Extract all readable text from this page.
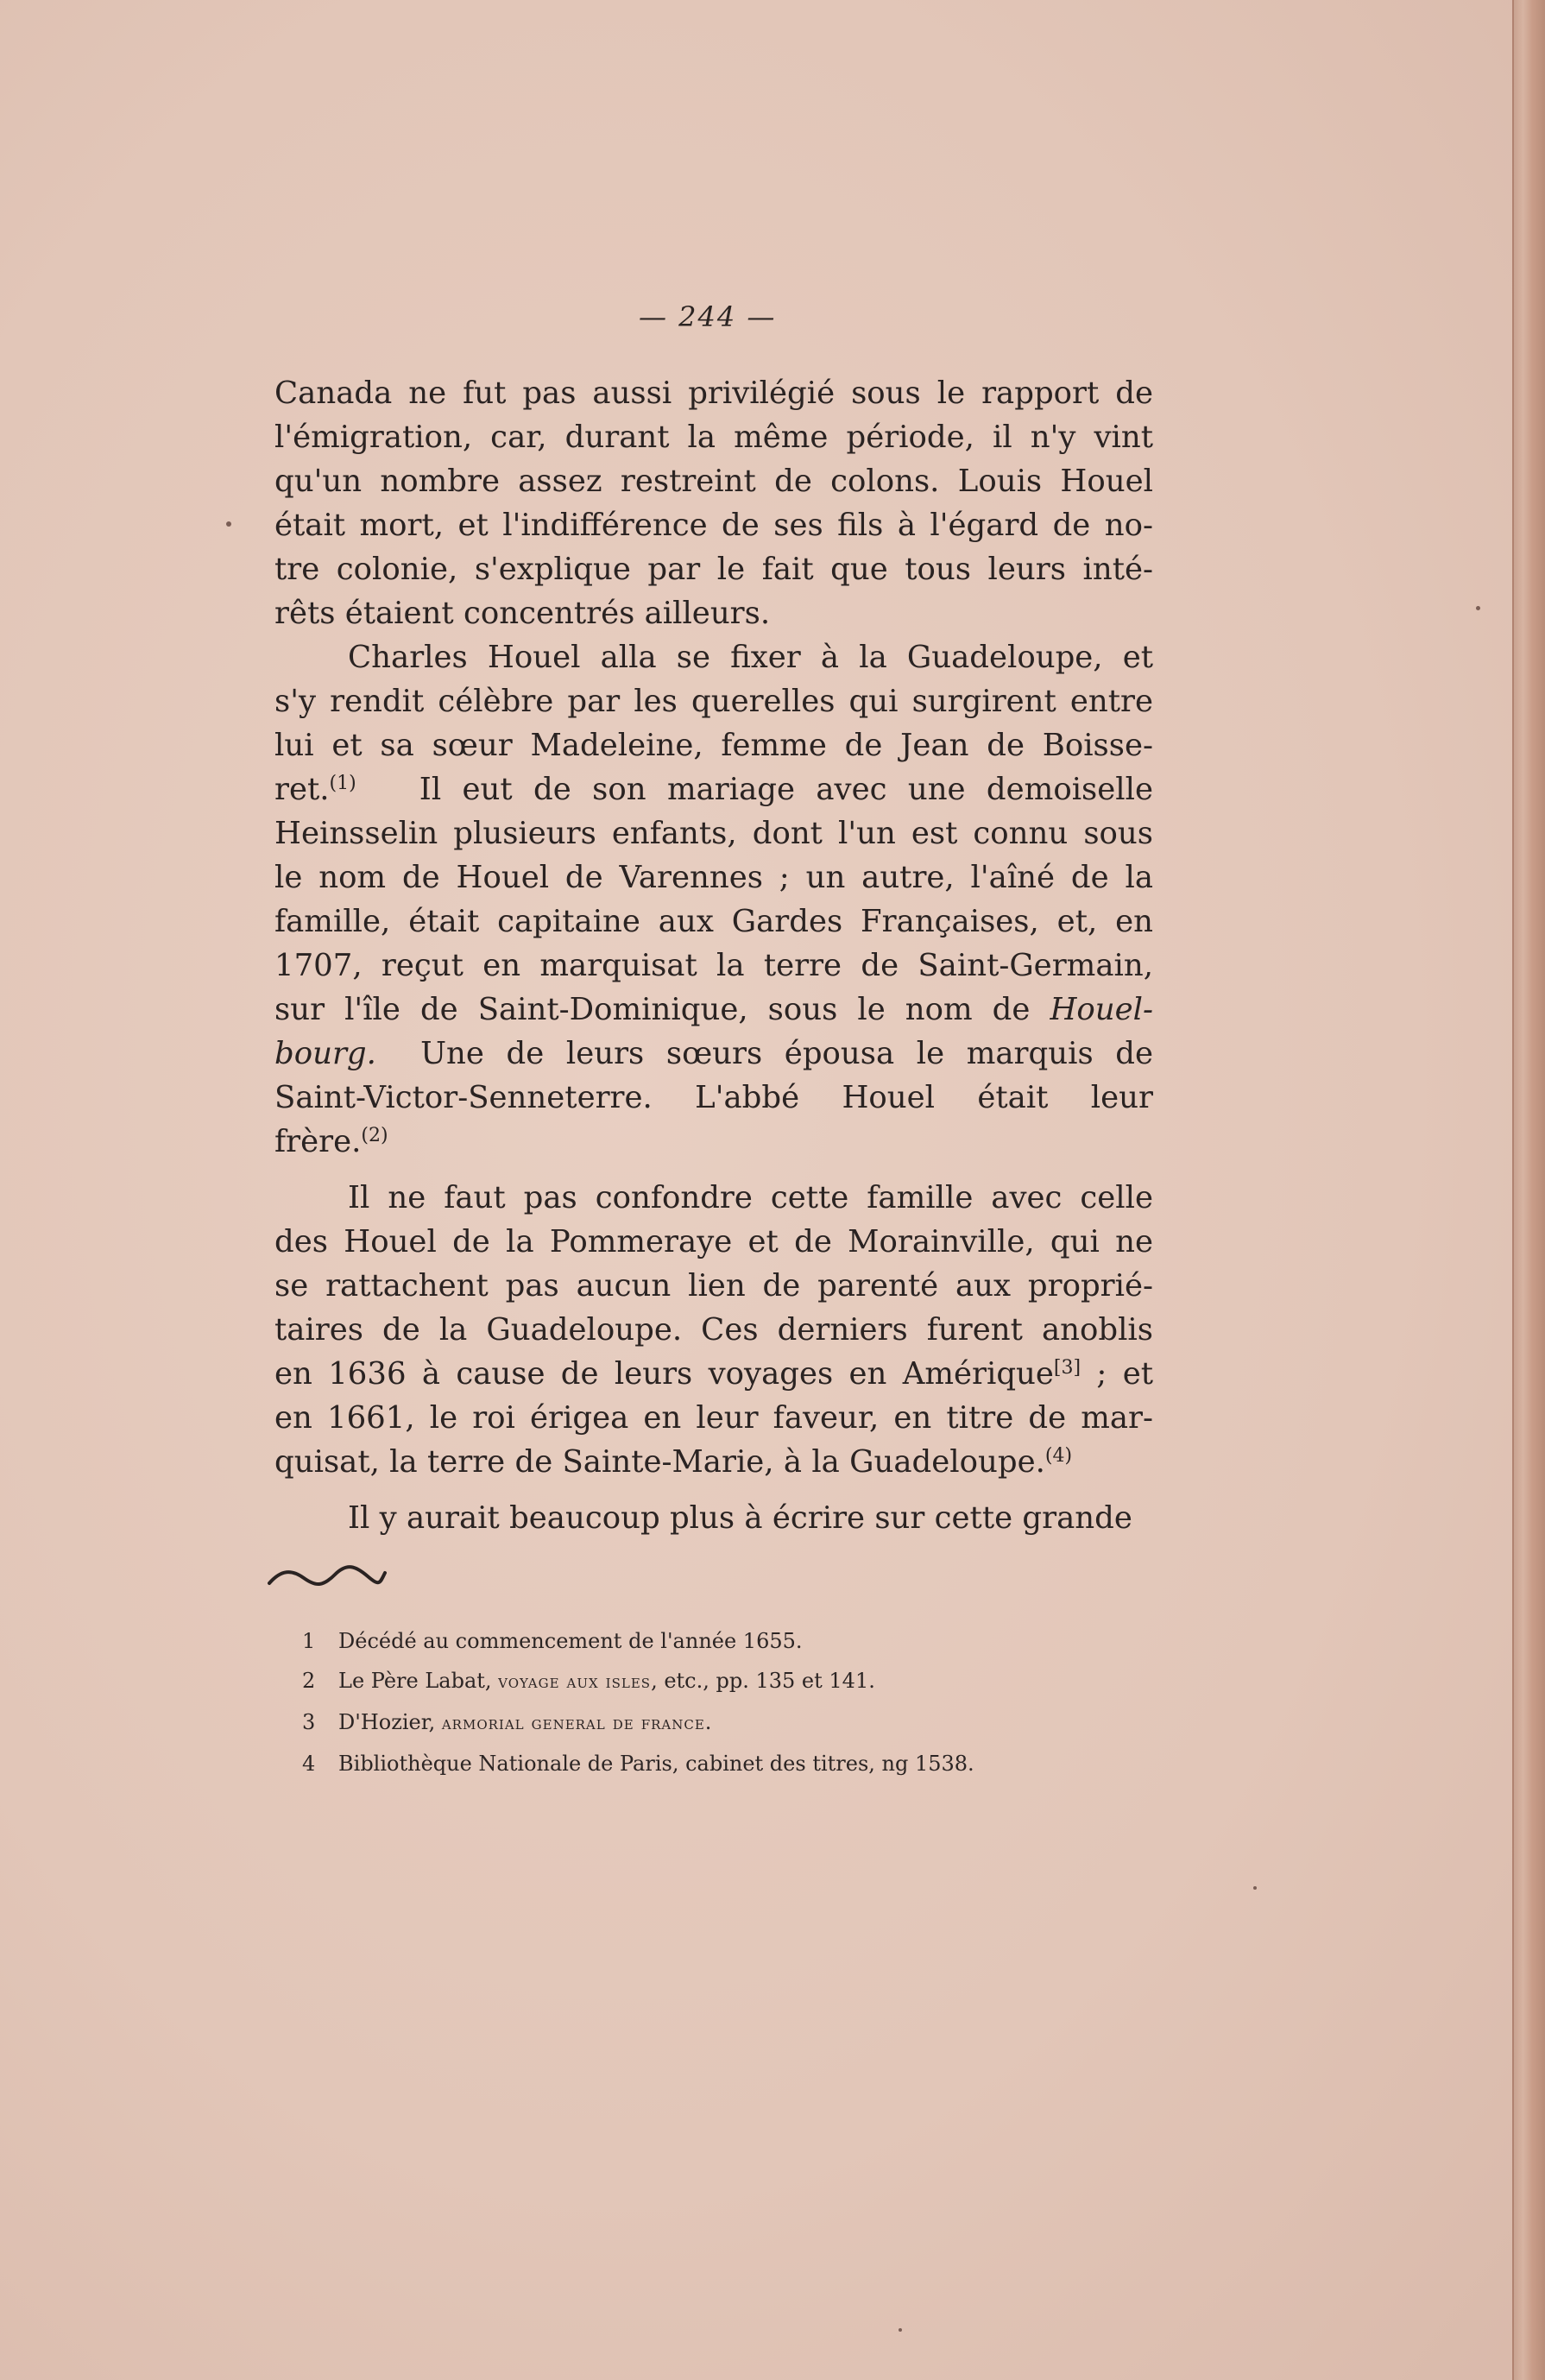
— 244 —
Canada ne fut pas aussi privilégié sous le rapport de
l'émigration, car, durant la même période, il n'y vint
qu'un nombre assez restreint de colons. Louis Houel
était mort, et l'indifférence de ses fils à l'égard de no-
tre colonie, s'explique par le fait que tous leurs inté-
rêts étaient concentrés ailleurs.
Charles Houel alla se fixer à la Guadeloupe, et
s'y rendit célèbre par les querelles qui surgirent entre
lui et sa sœur Madeleine, femme de Jean de Boisse-
ret.$^{(1)}$ Il eut de son mariage avec une demoiselle
Heinsselin plusieurs enfants, dont l'un est connu sous
le nom de Houel de Varennes ; un autre, l'aîné de la
famille, était capitaine aux Gardes Françaises, et, en
1707, reçut en marquisat la terre de Saint-Germain,
sur l'île de Saint-Dominique, sous le nom de Houel-
bourg. Une de leurs sœurs épousa le marquis de
Saint-Victor-Senneterre. L'abbé Houel était leur
frère.$^{(2)}$
Il ne faut pas confondre cette famille avec celle
des Houel de la Pommeraye et de Morainville, qui ne
se rattachent pas aucun lien de parenté aux proprié-
taires de la Guadeloupe. Ces derniers furent anoblis
en 1636 à cause de leurs voyages en Amérique[3] ; et
en 1661, le roi érigea en leur faveur, en titre de mar-
quisat, la terre de Sainte-Marie, à la Guadeloupe.$^{(4)}$
Il y aurait beaucoup plus à écrire sur cette grande
1	Décédé au commencement de l'année 1655.
2	Le Père Labat, voyage aux isles, etc., pp. 135 et 141.
3	D'Hozier, armorial general de france.
4	Bibliothèque Nationale de Paris, cabinet des titres, ng 1538.
